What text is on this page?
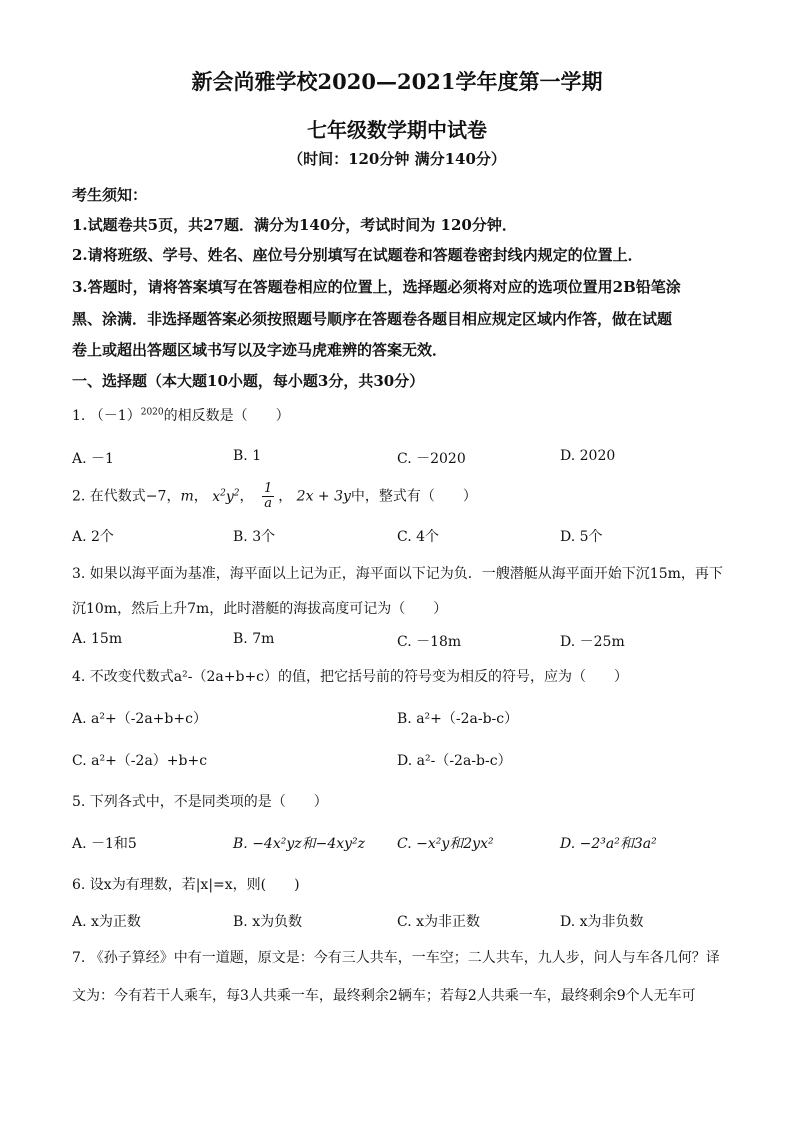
新会尚雅学校2020—2021学年度第一学期
七年级数学期中试卷
（时间：120分钟 满分140分）
考生须知：
1.试题卷共5页，共27题．满分为140分，考试时间为 120分钟．
2.请将班级、学号、姓名、座位号分别填写在试题卷和答题卷密封线内规定的位置上．
3.答题时，请将答案填写在答题卷相应的位置上，选择题必须将对应的选项位置用2B铅笔涂
黑、涂满．非选择题答案必须按照题号顺序在答题卷各题目相应规定区域内作答，做在试题
卷上或超出答题区域书写以及字迹马虎难辨的答案无效．
一、选择题（本大题10小题，每小题3分，共30分）
1. $(-1)^{2020}$的相反数是（　　）
A. －1	B. 1	C. －2020	D. 2020
2. 在代数式−7，m， $x^2y^2$， $\frac{1}{a}$ ， 2x + 3y中，整式有（　　）
A. 2个	B. 3个	C. 4个	D. 5个
3. 如果以海平面为基准，海平面以上记为正，海平面以下记为负．一艘潜艇从海平面开始下沉15m，再下
沉10m，然后上升7m，此时潜艇的海拔高度可记为（　　）
A. 15m	B. 7m	C. －18m	D. －25m
4. 不改变代数式a²-（2a+b+c）的值，把它括号前的符号变为相反的符号，应为（　　）
A. a²+（-2a+b+c）	B. a²+（-2a-b-c）
C. a²+（-2a）+b+c	D. a²-（-2a-b-c）
5. 下列各式中，不是同类项的是（　　）
A. －1和5	B. −4x²yz和−4xy²z C. −x²y和2yx²	D. −2³a²和3a²
6. 设x为有理数，若|x|=x，则(　　)
A. x为正数	B. x为负数	C. x为非正数	D. x为非负数
7. 《孙子算经》中有一道题，原文是：今有三人共车，一车空；二人共车，九人步，问人与车各几何？译
文为：今有若干人乘车，每3人共乘一车，最终剩余2辆车；若每2人共乘一车，最终剩余9个人无车可
